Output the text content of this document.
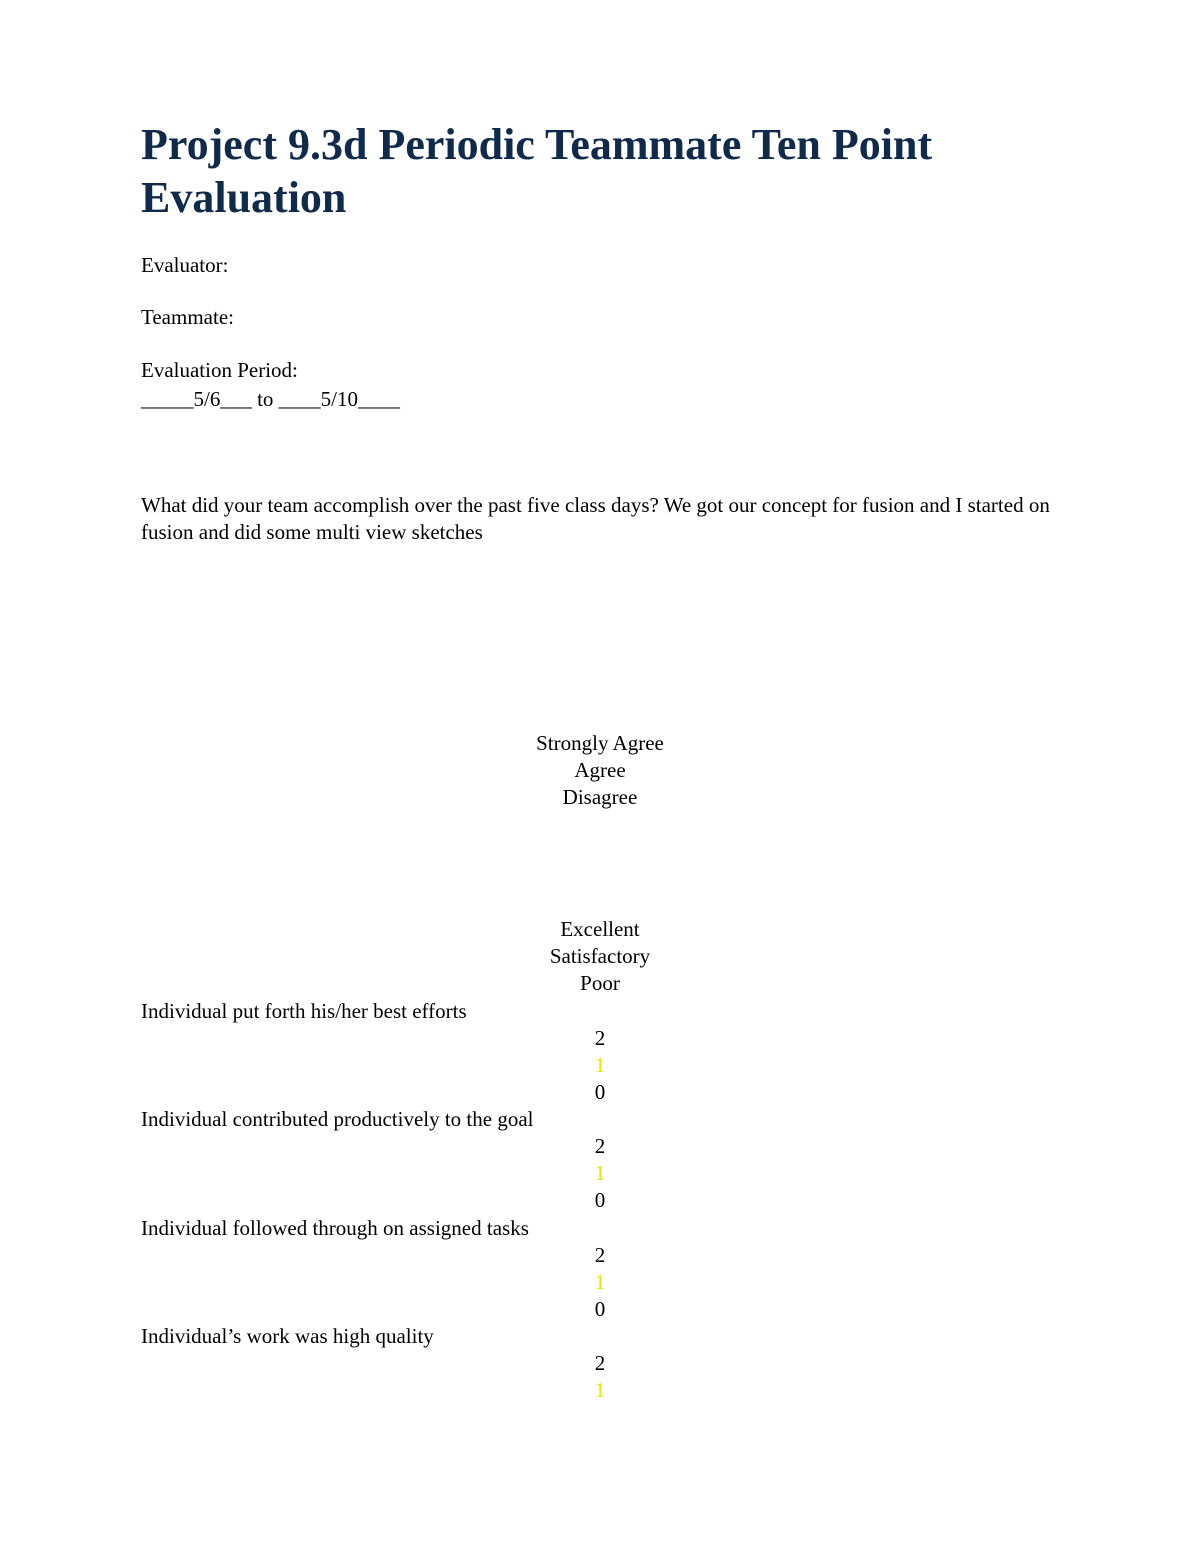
Project 9.3d Periodic Teammate Ten Point Evaluation
Evaluator:
Teammate:
Evaluation Period:
_____5/6___ to ____5/10____
What did your team accomplish over the past five class days? We got our concept for fusion and I started on fusion and did some multi view sketches
Strongly Agree
Agree
Disagree
Excellent
Satisfactory
Poor
Individual put forth his/her best efforts
2
1
0
Individual contributed productively to the goal
2
1
0
Individual followed through on assigned tasks
2
1
0
Individual’s work was high quality
2
1
